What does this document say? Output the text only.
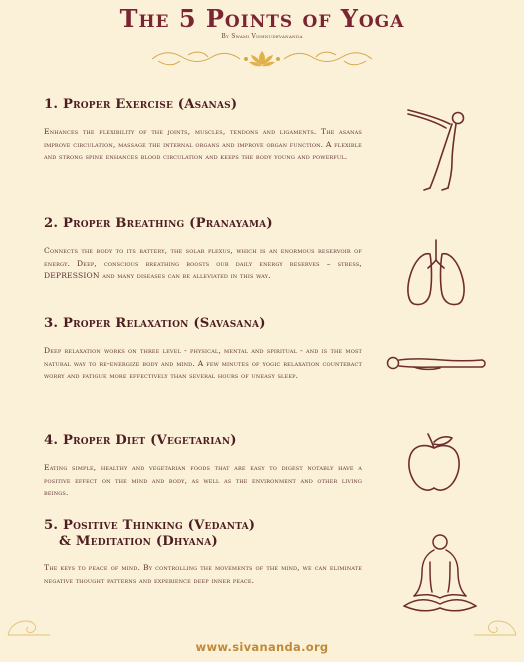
The 5 Points of Yoga
By Swami Vishnudevananda
1. Proper Exercise (Asanas)
Enhances the flexibility of the joints, muscles, tendons and ligaments. The asanas improve circulation, massage the internal organs and improve organ function. A flexible and strong spine enhances blood circulation and keeps the body young and powerful.
2. Proper Breathing (Pranayama)
Connects the body to its battery, the solar plexus, which is an enormous reservoir of energy. Deep, conscious breathing boosts our daily energy reserves – stress, DEPRESSION and many diseases can be alleviated in this way.
3. Proper Relaxation (Savasana)
Deep relaxation works on three level - physical, mental and spiritual - and is the most natural way to re-energize body and mind. A few minutes of yogic relaxation counteract worry and fatigue more effectively than several hours of uneasy sleep.
4. Proper Diet (Vegetarian)
Eating simple, healthy and vegetarian foods that are easy to digest notably have a positive effect on the mind and body, as well as the environment and other living beings.
5. Positive Thinking (Vedanta)
& Meditation (Dhyana)
The keys to peace of mind. By controlling the movements of the mind, we can eliminate negative thought patterns and experience deep inner peace.
www.sivananda.org
